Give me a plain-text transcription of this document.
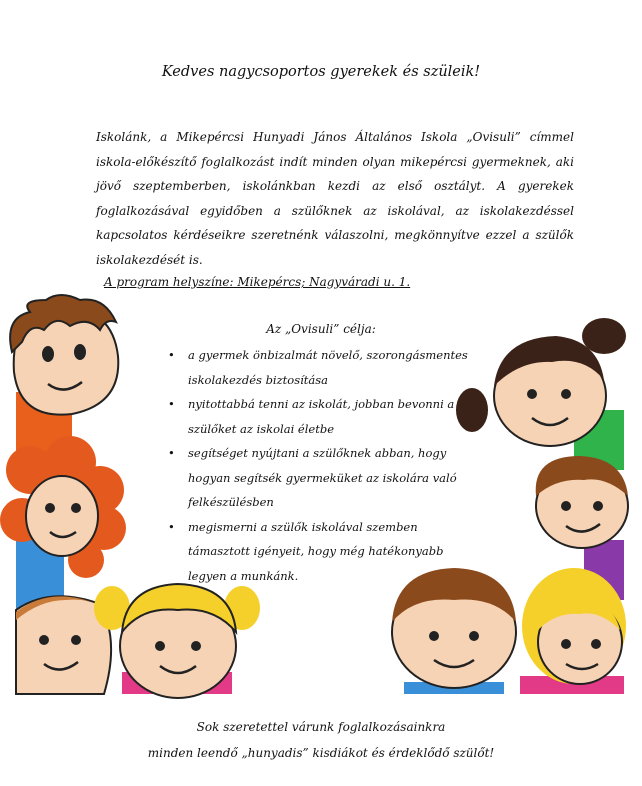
Kedves nagycsoportos gyerekek és szüleik!
Iskolánk, a Mikepércsi Hunyadi János Általános Iskola „Ovisuli” címmel iskola-előkészítő foglalkozást indít minden olyan mikepércsi gyermeknek, aki jövő szeptemberben, iskolánkban kezdi az első osztályt. A gyerekek foglalkozásával egyidőben a szülőknek az iskolával, az iskolakezdéssel kapcsolatos kérdéseikre szeretnénk válaszolni, megkönnyítve ezzel a szülők iskolakezdését is.
A program helyszíne: Mikepércs; Nagyváradi u. 1.
Az „Ovisuli” célja:
• a gyermek önbizalmát növelő, szorongásmentes iskolakezdés biztosítása
• nyitottabbá tenni az iskolát, jobban bevonni a szülőket az iskolai életbe
• segítséget nyújtani a szülőknek abban, hogy hogyan segítsék gyermeküket az iskolára való felkészülésben
• megismerni a szülők iskolával szemben támasztott igényeit, hogy még hatékonyabb legyen a munkánk.
Sok szeretettel várunk foglalkozásainkra
minden leendő „hunyadis” kisdiákot és érdeklődő szülőt!
